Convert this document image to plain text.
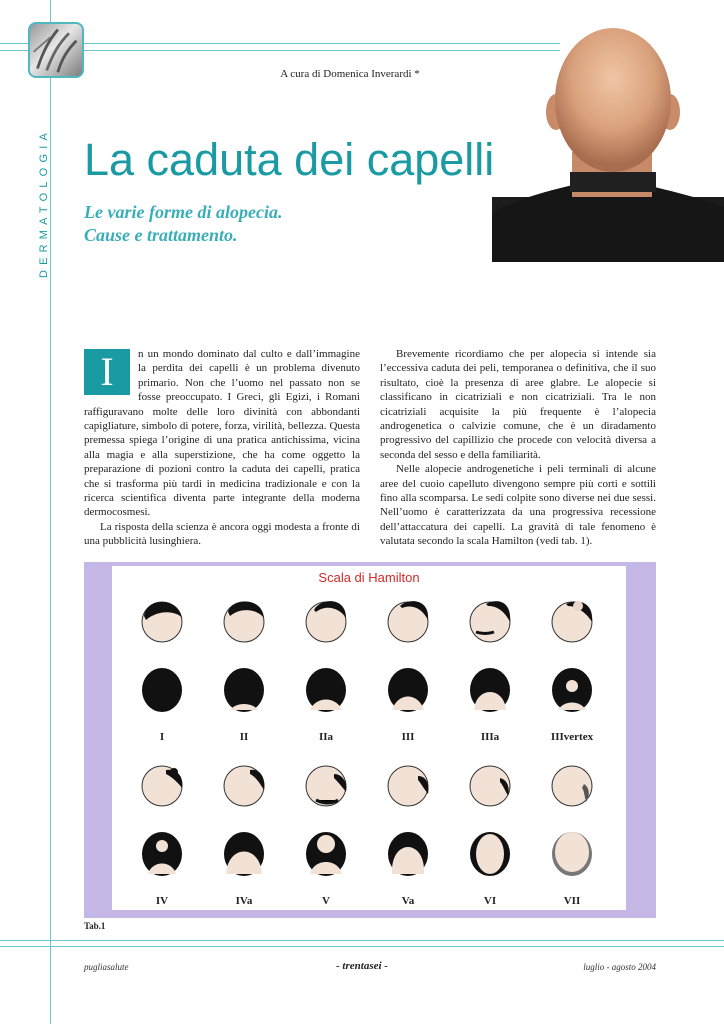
DERMATOLOGIA
A cura di Domenica Inverardi *
La caduta dei capelli
Le varie forme di alopecia.
Cause e trattamento.

I	n un mondo dominato dal culto e dall’immagine la perdita dei capelli è un problema divenuto primario. Non che l’uomo nel passato non se fosse preoccupato. I Greci, gli Egizi, i Romani raffiguravano molte delle loro divinità con abbondanti capigliature, simbolo di potere, forza, virilità, bellezza. Questa premessa spiega l’origine di una pratica antichissima, vicina alla magia e alla superstizione, che ha come oggetto la preparazione di pozioni contro la caduta dei capelli, pratica che si trasforma più tardi in medicina tradizionale e con la ricerca scientifica diventa parte integrante della moderna dermocosmesi.

La risposta della scienza è ancora oggi modesta a fronte di una pubblicità lusinghiera.

Brevemente ricordiamo che per alopecia si intende sia l’eccessiva caduta dei peli, temporanea o definitiva, che il suo risultato, cioè la presenza di aree glabre. Le alopecie si classificano in cicatriziali e non cicatriziali. Tra le non cicatriziali acquisite la più frequente è l’alopecia androgenetica o calvizie comune, che è un diradamento progressivo del capillizio che procede con velocità diversa a seconda del sesso e della familiarità.

Nelle alopecie androgenetiche i peli terminali di alcune aree del cuoio capelluto divengono sempre più corti e sottili fino alla scomparsa. Le sedi colpite sono diverse nei due sessi. Nell’uomo è caratterizzata da una progressiva recessione dell’attaccatura dei capelli. La gravità di tale fenomeno è valutata secondo la scala Hamilton (vedi tab. 1).

Scala di Hamilton
I	II	IIa	III	IIIa	IIIvertex
IV	IVa	V	Va	VI	VII
Tab.1
pugliasalute	- trentasei -	luglio - agosto 2004
